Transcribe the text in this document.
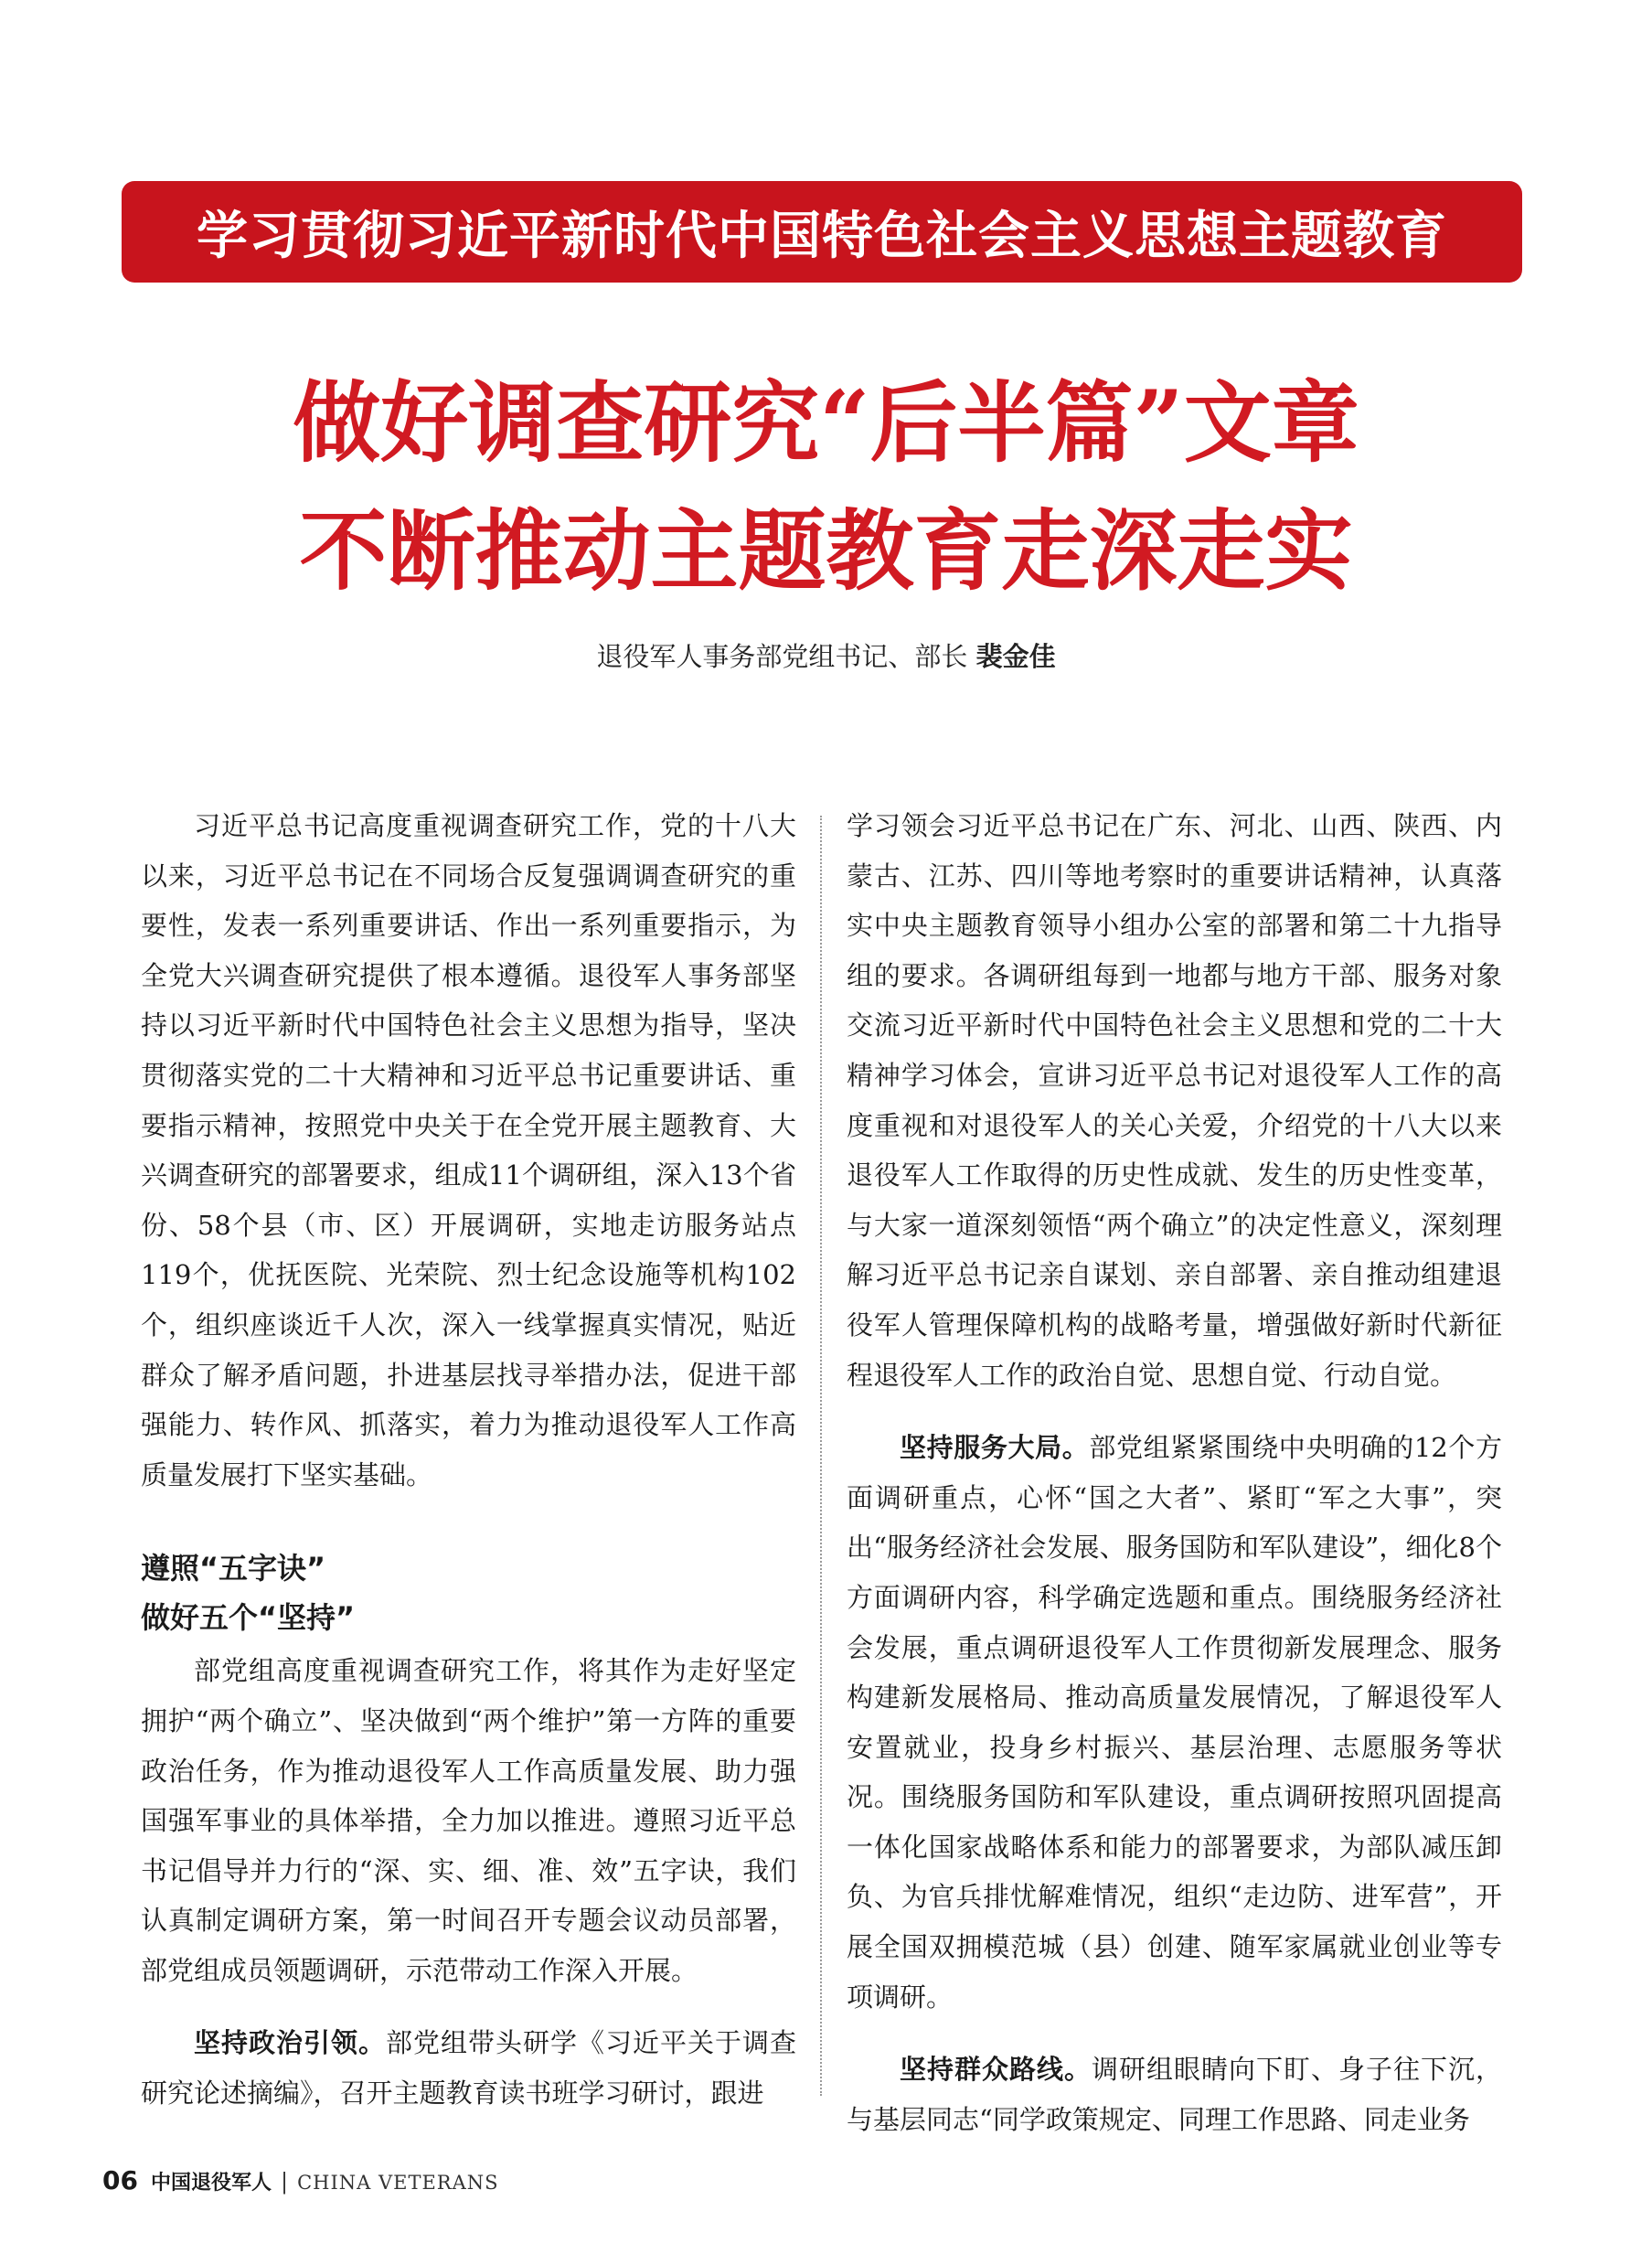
学习贯彻习近平新时代中国特色社会主义思想主题教育
做好调查研究“后半篇”文章
不断推动主题教育走深走实
退役军人事务部党组书记、部长 裴金佳

习近平总书记高度重视调查研究工作，党的十八大以来，习近平总书记在不同场合反复强调调查研究的重要性，发表一系列重要讲话、作出一系列重要指示，为全党大兴调查研究提供了根本遵循。退役军人事务部坚持以习近平新时代中国特色社会主义思想为指导，坚决贯彻落实党的二十大精神和习近平总书记重要讲话、重要指示精神，按照党中央关于在全党开展主题教育、大兴调查研究的部署要求，组成11个调研组，深入13个省份、58个县（市、区）开展调研，实地走访服务站点119个，优抚医院、光荣院、烈士纪念设施等机构102个，组织座谈近千人次，深入一线掌握真实情况，贴近群众了解矛盾问题，扑进基层找寻举措办法，促进干部强能力、转作风、抓落实，着力为推动退役军人工作高质量发展打下坚实基础。

遵照“五字诀”
做好五个“坚持”

部党组高度重视调查研究工作，将其作为走好坚定拥护“两个确立”、坚决做到“两个维护”第一方阵的重要政治任务，作为推动退役军人工作高质量发展、助力强国强军事业的具体举措，全力加以推进。遵照习近平总书记倡导并力行的“深、实、细、准、效”五字诀，我们认真制定调研方案，第一时间召开专题会议动员部署，部党组成员领题调研，示范带动工作深入开展。

坚持政治引领。部党组带头研学《习近平关于调查研究论述摘编》，召开主题教育读书班学习研讨，跟进

学习领会习近平总书记在广东、河北、山西、陕西、内蒙古、江苏、四川等地考察时的重要讲话精神，认真落实中央主题教育领导小组办公室的部署和第二十九指导组的要求。各调研组每到一地都与地方干部、服务对象交流习近平新时代中国特色社会主义思想和党的二十大精神学习体会，宣讲习近平总书记对退役军人工作的高度重视和对退役军人的关心关爱，介绍党的十八大以来退役军人工作取得的历史性成就、发生的历史性变革，与大家一道深刻领悟“两个确立”的决定性意义，深刻理解习近平总书记亲自谋划、亲自部署、亲自推动组建退役军人管理保障机构的战略考量，增强做好新时代新征程退役军人工作的政治自觉、思想自觉、行动自觉。

坚持服务大局。部党组紧紧围绕中央明确的12个方面调研重点，心怀“国之大者”、紧盯“军之大事”，突出“服务经济社会发展、服务国防和军队建设”，细化8个方面调研内容，科学确定选题和重点。围绕服务经济社会发展，重点调研退役军人工作贯彻新发展理念、服务构建新发展格局、推动高质量发展情况，了解退役军人安置就业，投身乡村振兴、基层治理、志愿服务等状况。围绕服务国防和军队建设，重点调研按照巩固提高一体化国家战略体系和能力的部署要求，为部队减压卸负、为官兵排忧解难情况，组织“走边防、进军营”，开展全国双拥模范城（县）创建、随军家属就业创业等专项调研。

坚持群众路线。调研组眼睛向下盯、身子往下沉，与基层同志“同学政策规定、同理工作思路、同走业务

06 中国退役军人 | CHINA VETERANS
